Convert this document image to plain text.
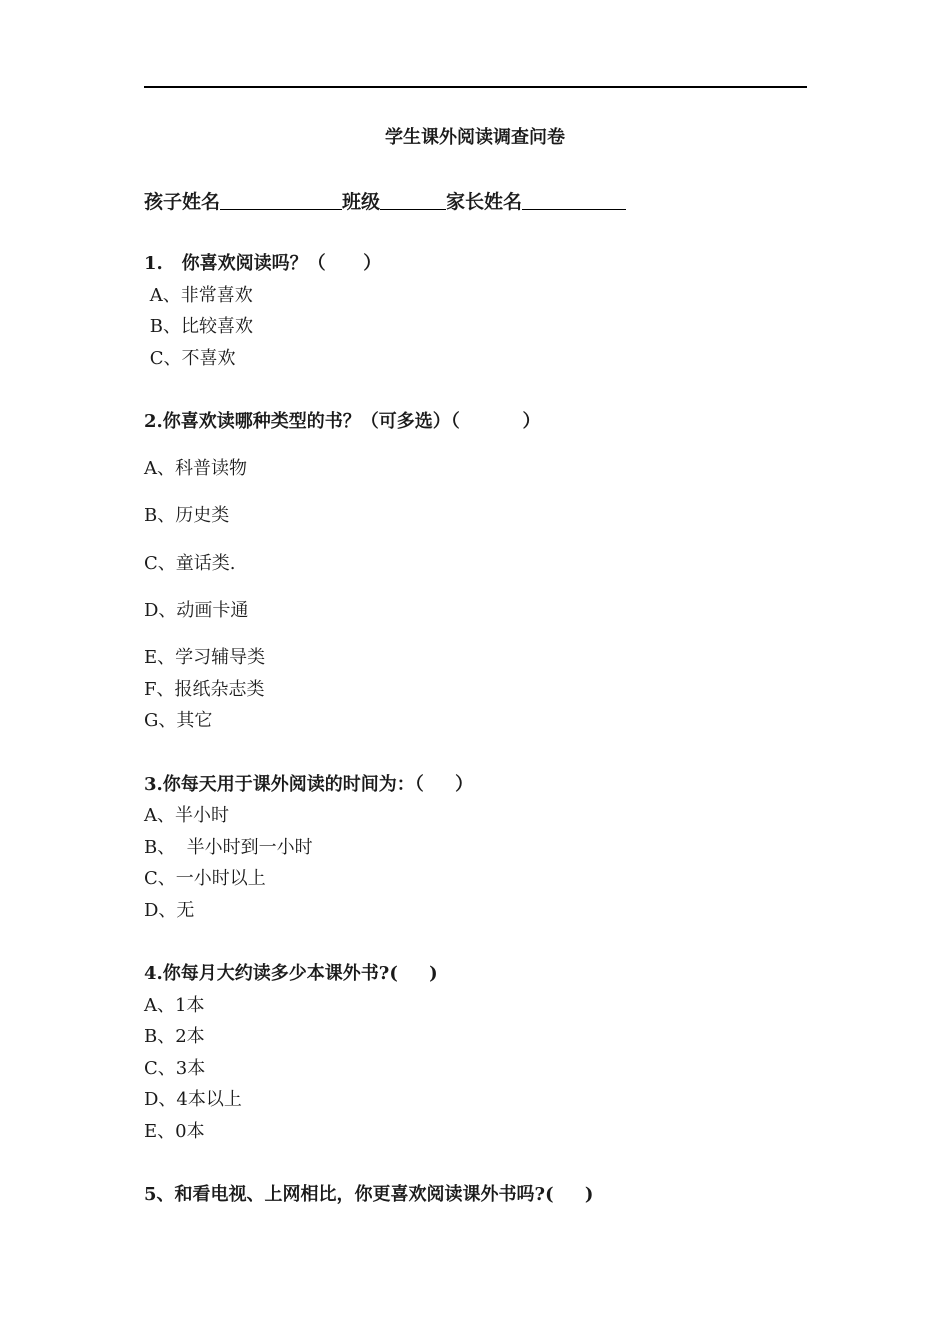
学生课外阅读调查问卷
孩子姓名	班级	家长姓名
1.   你喜欢阅读吗？（      ）
A、非常喜欢
B、比较喜欢
C、不喜欢
2.你喜欢读哪种类型的书？（可多选）（          ）
A、科普读物
B、历史类
C、童话类.
D、动画卡通
E、学习辅导类
F、报纸杂志类
G、其它
3.你每天用于课外阅读的时间为：（     ）
A、半小时
B、  半小时到一小时
C、一小时以上
D、无
4.你每月大约读多少本课外书?(     )
A、1本
B、2本
C、3本
D、4本以上
E、0本
5、和看电视、上网相比，你更喜欢阅读课外书吗?(     )
